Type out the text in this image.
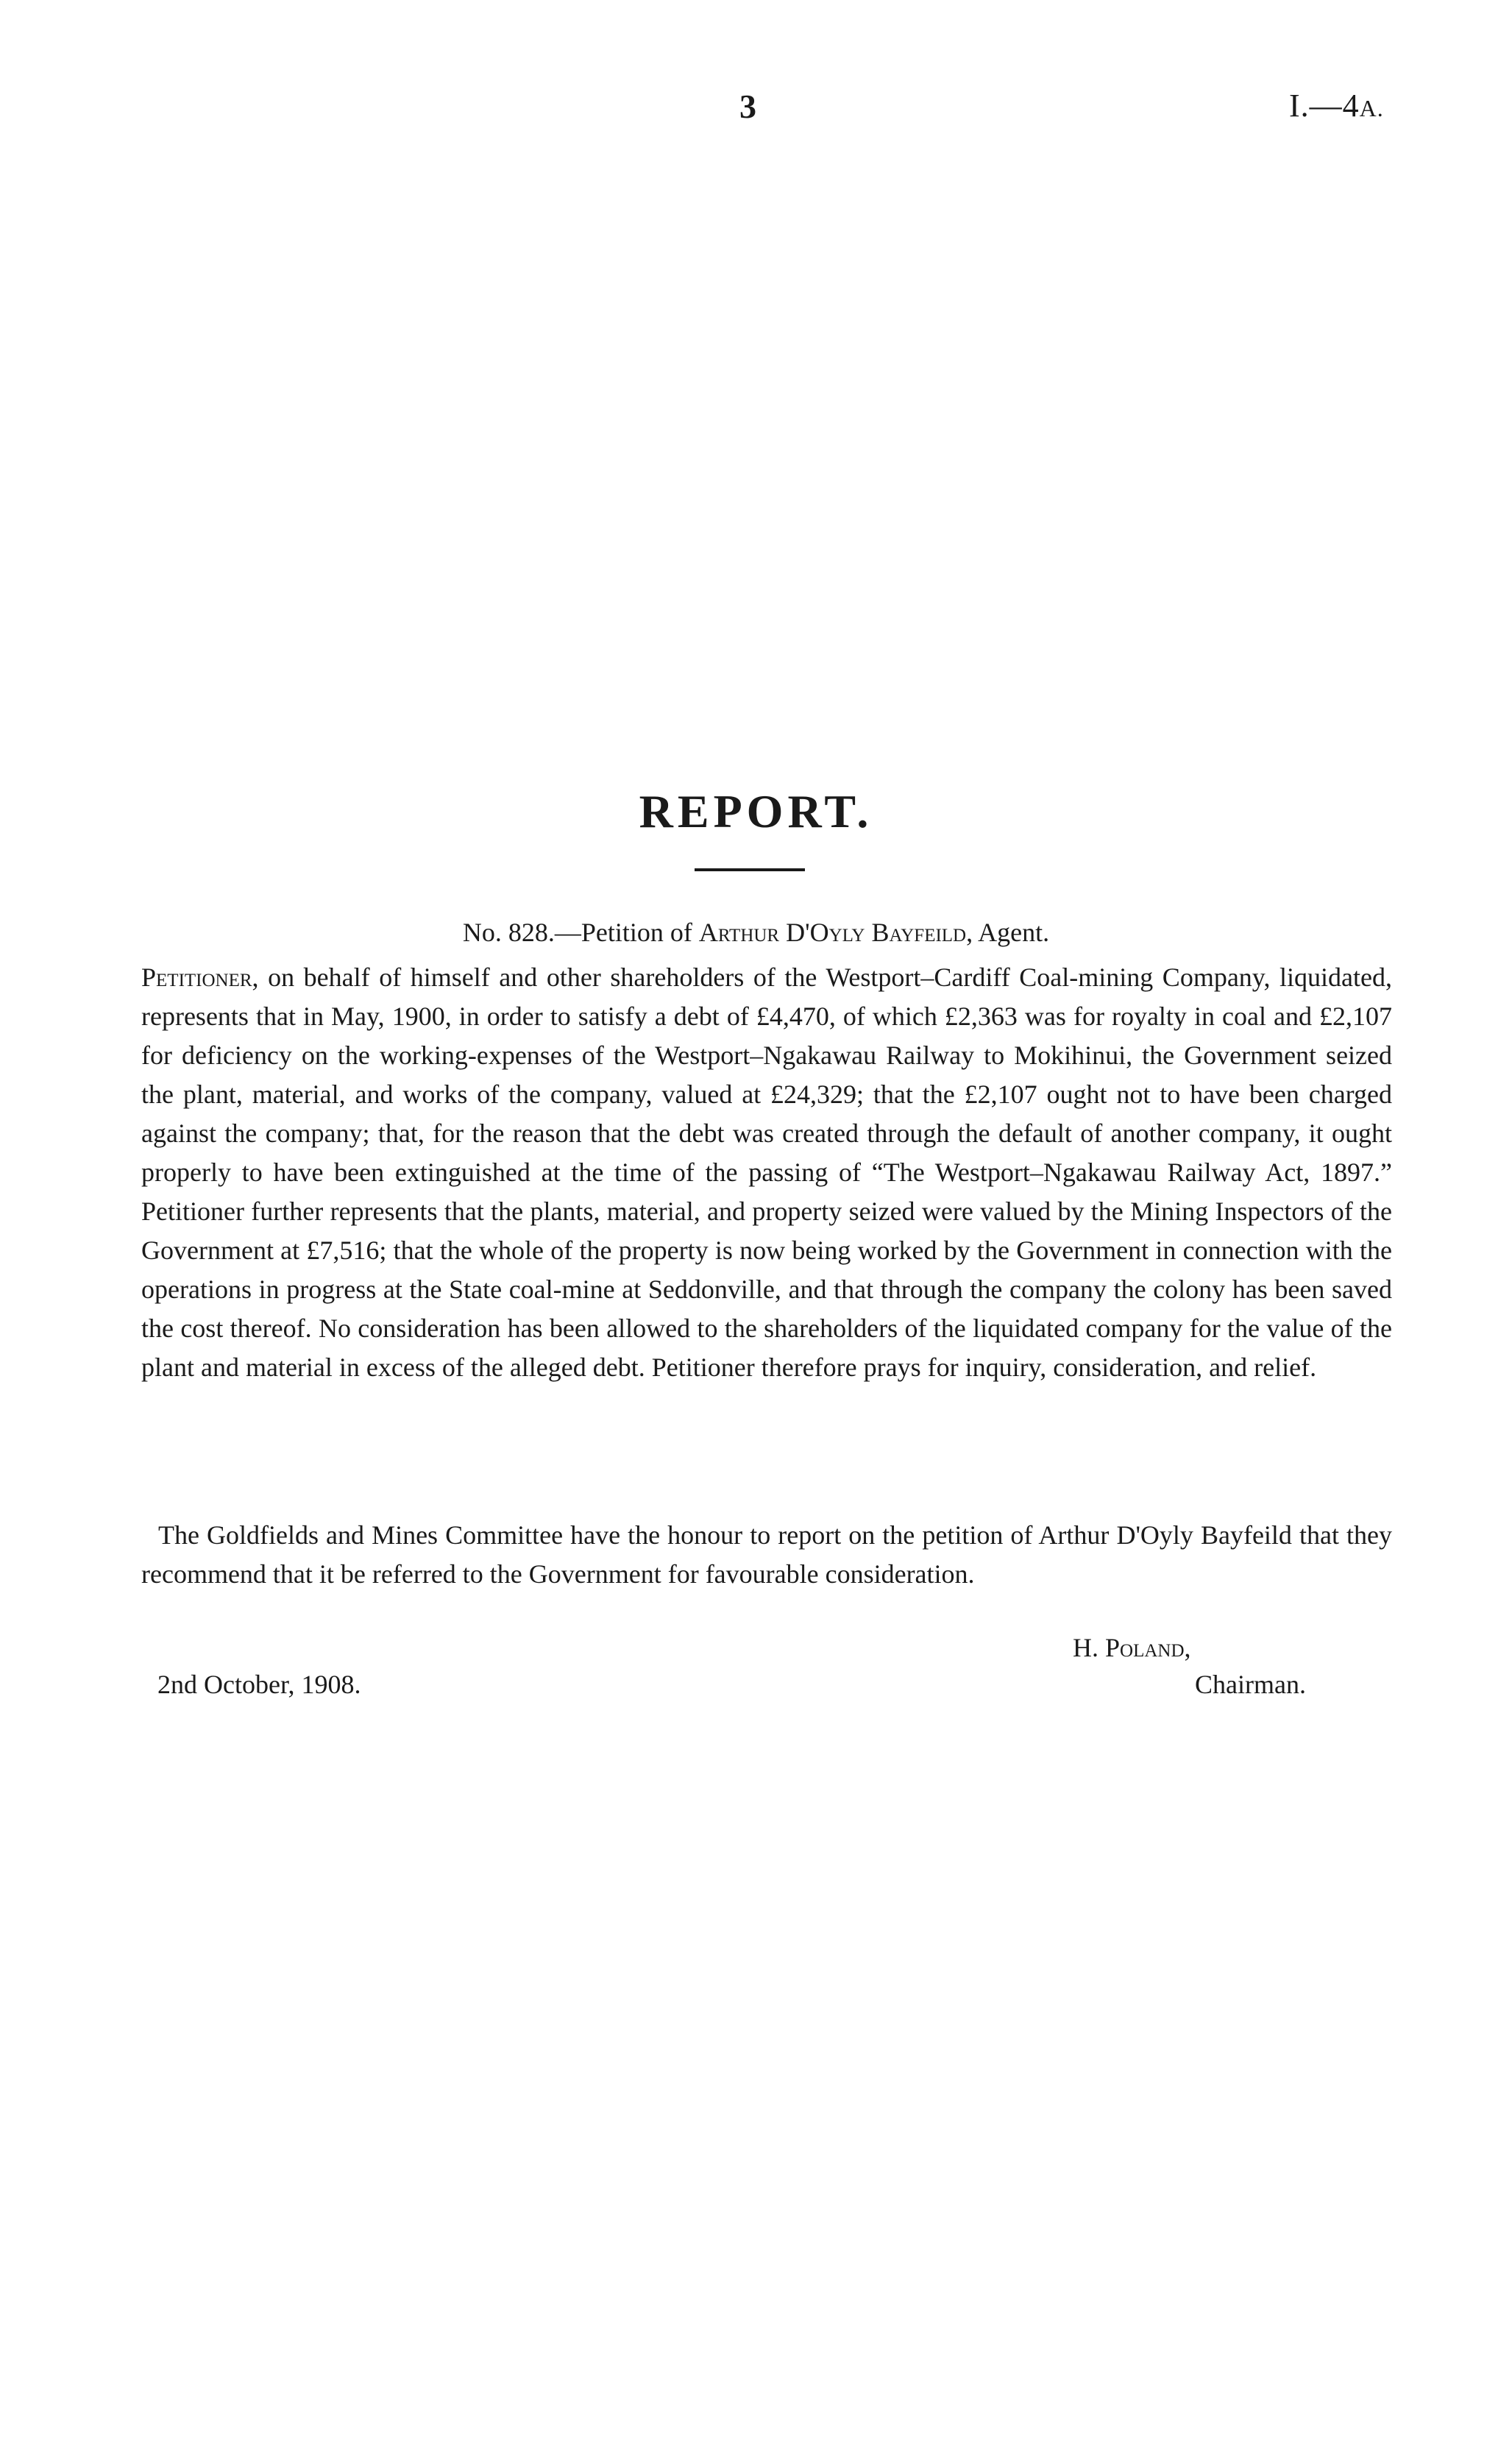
3	I.—4A.
REPORT.
No. 828.—Petition of Arthur D'Oyly Bayfeild, Agent.

Petitioner, on behalf of himself and other shareholders of the Westport–Cardiff Coal-mining Company, liquidated, represents that in May, 1900, in order to satisfy a debt of £4,470, of which £2,363 was for royalty in coal and £2,107 for deficiency on the working-expenses of the Westport–Ngakawau Railway to Mokihinui, the Government seized the plant, material, and works of the company, valued at £24,329; that the £2,107 ought not to have been charged against the company; that, for the reason that the debt was created through the default of another company, it ought properly to have been extinguished at the time of the passing of “The Westport–Ngakawau Railway Act, 1897.” Petitioner further represents that the plants, material, and property seized were valued by the Mining Inspectors of the Government at £7,516; that the whole of the property is now being worked by the Government in connection with the operations in progress at the State coal-mine at Seddonville, and that through the company the colony has been saved the cost thereof. No consideration has been allowed to the shareholders of the liquidated company for the value of the plant and material in excess of the alleged debt. Petitioner therefore prays for inquiry, consideration, and relief.

The Goldfields and Mines Committee have the honour to report on the petition of Arthur D'Oyly Bayfeild that they recommend that it be referred to the Government for favourable consideration.

H. Poland,
2nd October, 1908.	Chairman.
